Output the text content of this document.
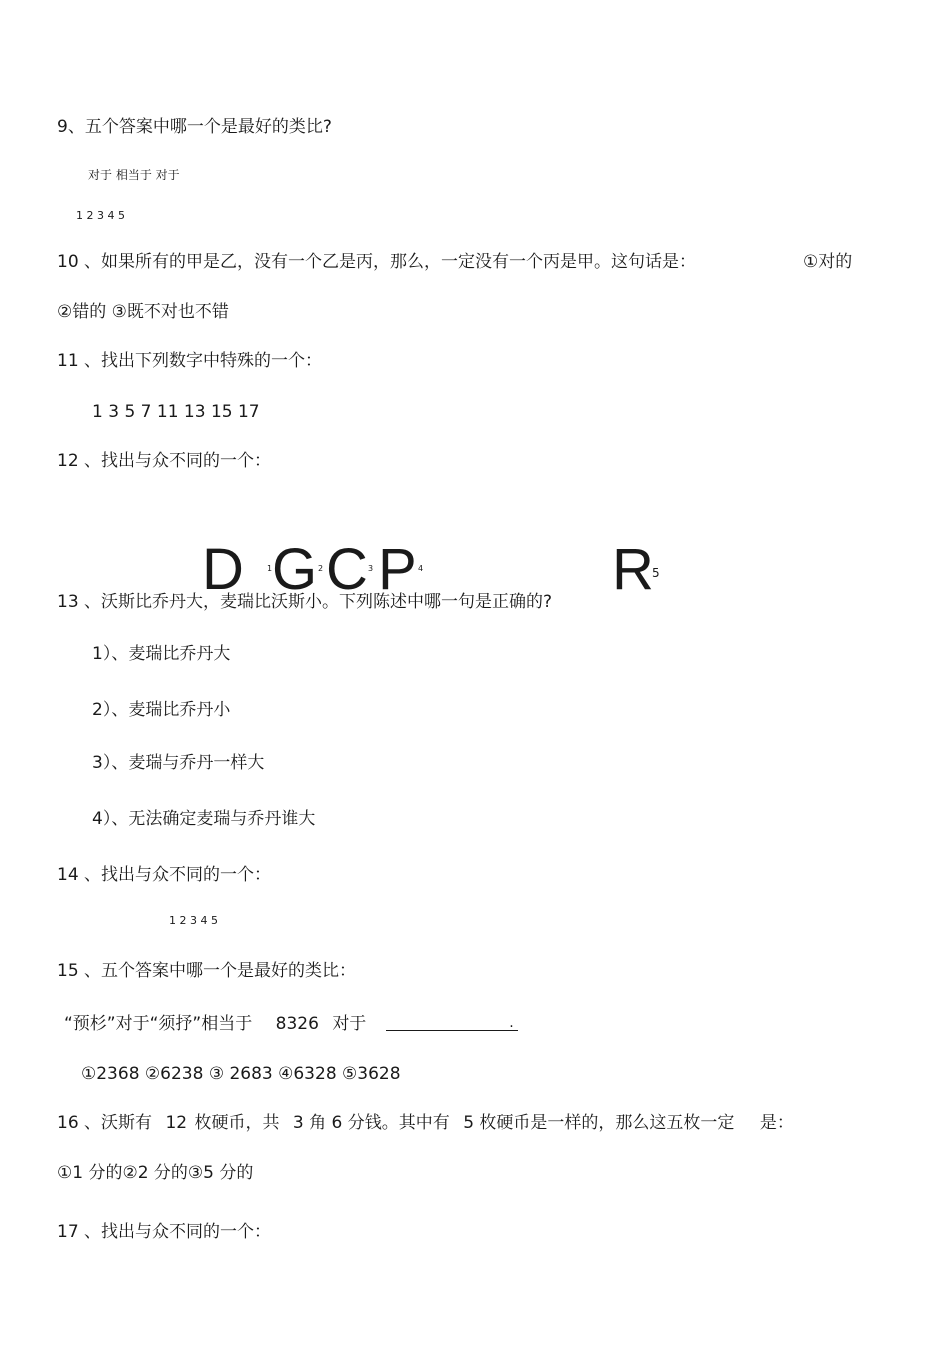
9、五个答案中哪一个是最好的类比?
对于 相当于 对于
1 2 3 4 5
10 、如果所有的甲是乙，没有一个乙是丙，那么，一定没有一个丙是甲。这句话是：	①对的
②错的 ③既不对也不错
11 、找出下列数字中特殊的一个：
1 3 5 7 11 13 15 17
12 、找出与众不同的一个：
D	1 G 2 C 3 P 4	R
5
13 、沃斯比乔丹大，麦瑞比沃斯小。下列陈述中哪一句是正确的?
1）、麦瑞比乔丹大
2）、麦瑞比乔丹小
3）、麦瑞与乔丹一样大
4）、无法确定麦瑞与乔丹谁大
14 、找出与众不同的一个：
1 2 3 4 5
15 、五个答案中哪一个是最好的类比：
“预杉”对于“须抒”相当于 8326 对于	.
①2368 ②6238 ③ 2683 ④6328 ⑤3628
16 、沃斯有 12 枚硬币，共 3 角 6 分钱。其中有 5 枚硬币是一样的，那么这五枚一定 是：
①1 分的②2 分的③5 分的
17 、找出与众不同的一个：
